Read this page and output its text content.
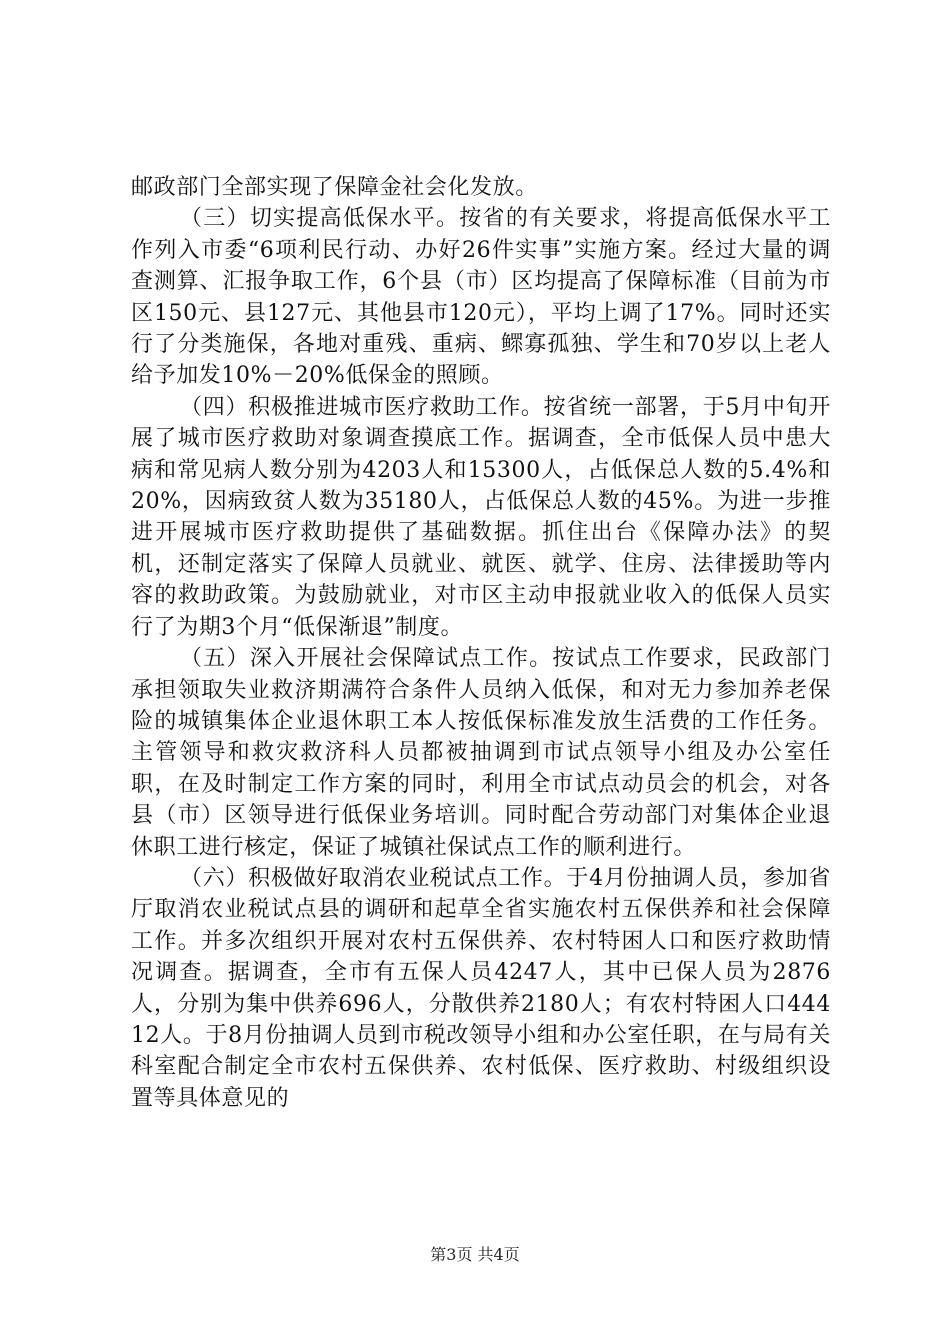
邮政部门全部实现了保障金社会化发放。

（三）切实提高低保水平。按省的有关要求，将提高低保水平工作列入市委“6项利民行动、办好26件实事”实施方案。经过大量的调查测算、汇报争取工作，6个县（市）区均提高了保障标准（目前为市区150元、县127元、其他县市120元），平均上调了17%。同时还实行了分类施保，各地对重残、重病、鳏寡孤独、学生和70岁以上老人给予加发10%－20%低保金的照顾。

（四）积极推进城市医疗救助工作。按省统一部署，于5月中旬开展了城市医疗救助对象调查摸底工作。据调查，全市低保人员中患大病和常见病人数分别为4203人和15300人，占低保总人数的5.4%和20%，因病致贫人数为35180人，占低保总人数的45%。为进一步推进开展城市医疗救助提供了基础数据。抓住出台《保障办法》的契机，还制定落实了保障人员就业、就医、就学、住房、法律援助等内容的救助政策。为鼓励就业，对市区主动申报就业收入的低保人员实行了为期3个月“低保渐退”制度。

（五）深入开展社会保障试点工作。按试点工作要求，民政部门承担领取失业救济期满符合条件人员纳入低保，和对无力参加养老保险的城镇集体企业退休职工本人按低保标准发放生活费的工作任务。主管领导和救灾救济科人员都被抽调到市试点领导小组及办公室任职，在及时制定工作方案的同时，利用全市试点动员会的机会，对各县（市）区领导进行低保业务培训。同时配合劳动部门对集体企业退休职工进行核定，保证了城镇社保试点工作的顺利进行。

（六）积极做好取消农业税试点工作。于4月份抽调人员，参加省厅取消农业税试点县的调研和起草全省实施农村五保供养和社会保障工作。并多次组织开展对农村五保供养、农村特困人口和医疗救助情况调查。据调查，全市有五保人员4247人，其中已保人员为2876人，分别为集中供养696人，分散供养2180人；有农村特困人口44412人。于8月份抽调人员到市税改领导小组和办公室任职，在与局有关科室配合制定全市农村五保供养、农村低保、医疗救助、村级组织设置等具体意见的

第3页 共4页
